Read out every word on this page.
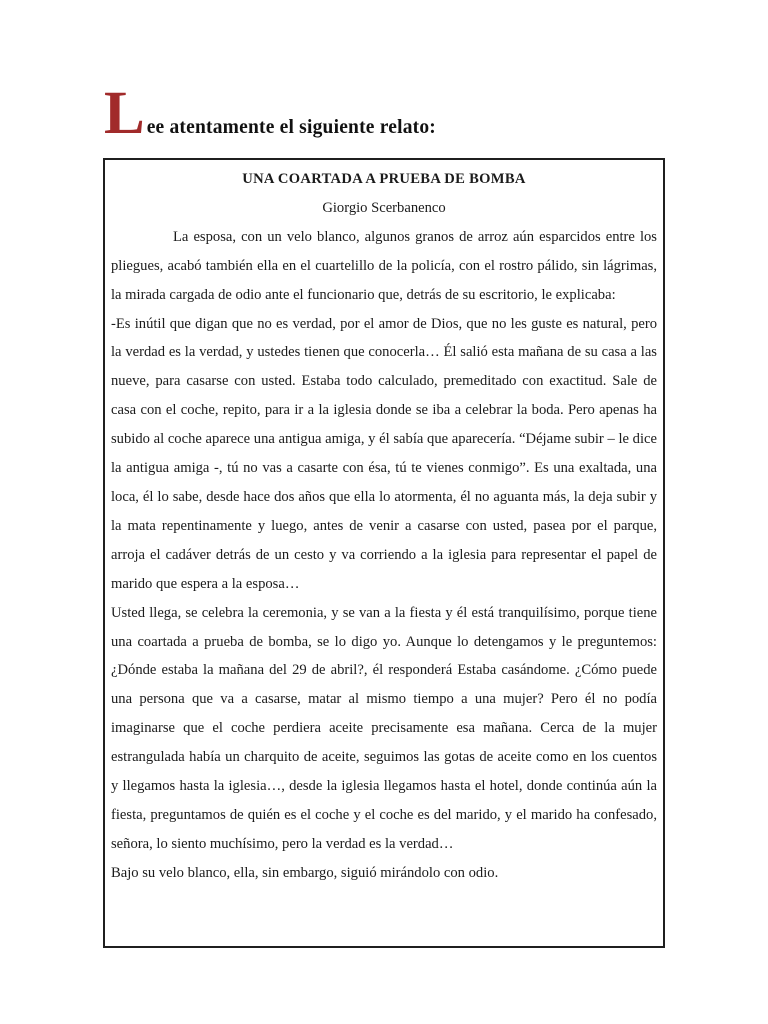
L ee atentamente el siguiente relato:

UNA COARTADA A PRUEBA DE BOMBA

Giorgio Scerbanenco

La esposa, con un velo blanco, algunos granos de arroz aún esparcidos entre los pliegues, acabó también ella en el cuartelillo de la policía, con el rostro pálido, sin lágrimas, la mirada cargada de odio ante el funcionario que, detrás de su escritorio, le explicaba:

-Es inútil que digan que no es verdad, por el amor de Dios, que no les guste es natural, pero la verdad es la verdad, y ustedes tienen que conocerla… Él salió esta mañana de su casa a las nueve, para casarse con usted. Estaba todo calculado, premeditado con exactitud. Sale de casa con el coche, repito, para ir a la iglesia donde se iba a celebrar la boda. Pero apenas ha subido al coche aparece una antigua amiga, y él sabía que aparecería. “Déjame subir – le dice la antigua amiga -, tú no vas a casarte con ésa, tú te vienes conmigo”. Es una exaltada, una loca, él lo sabe, desde hace dos años que ella lo atormenta, él no aguanta más, la deja subir y la mata repentinamente y luego, antes de venir a casarse con usted, pasea por el parque, arroja el cadáver detrás de un cesto y va corriendo a la iglesia para representar el papel de marido que espera a la esposa…

Usted llega, se celebra la ceremonia, y se van a la fiesta y él está tranquilísimo, porque tiene una coartada a prueba de bomba, se lo digo yo. Aunque lo detengamos y le preguntemos: ¿Dónde estaba la mañana del 29 de abril?, él responderá Estaba casándome. ¿Cómo puede una persona que va a casarse, matar al mismo tiempo a una mujer? Pero él no podía imaginarse que el coche perdiera aceite precisamente esa mañana. Cerca de la mujer estrangulada había un charquito de aceite, seguimos las gotas de aceite como en los cuentos y llegamos hasta la iglesia…, desde la iglesia llegamos hasta el hotel, donde continúa aún la fiesta, preguntamos de quién es el coche y el coche es del marido, y el marido ha confesado, señora, lo siento muchísimo, pero la verdad es la verdad…

Bajo su velo blanco, ella, sin embargo, siguió mirándolo con odio.
